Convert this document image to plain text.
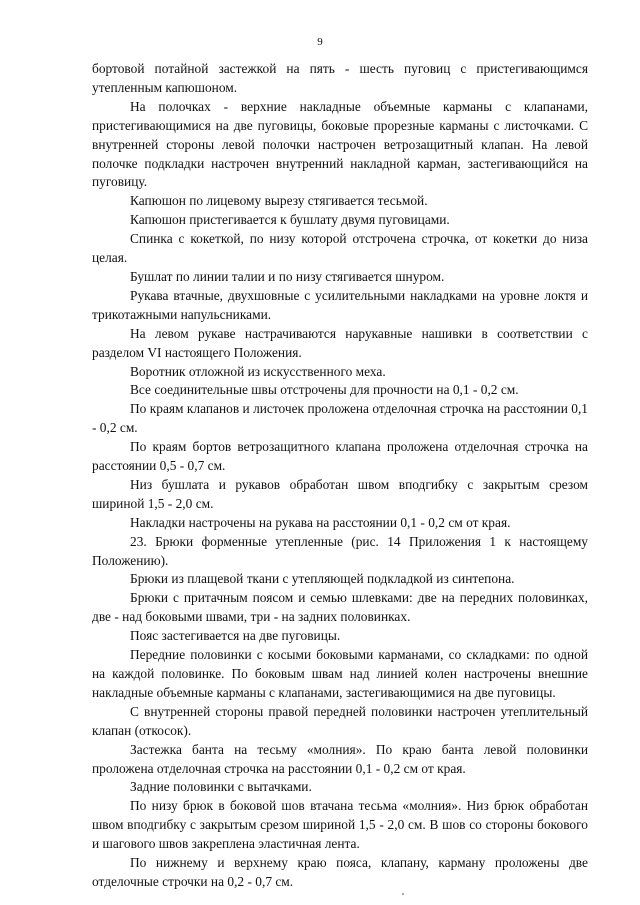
9

бортовой потайной застежкой на пять - шесть пуговиц с пристегивающимся утепленным капюшоном.

На полочках - верхние накладные объемные карманы с клапанами, пристегивающимися на две пуговицы, боковые прорезные карманы с листочками. С внутренней стороны левой полочки настрочен ветрозащитный клапан. На левой полочке подкладки настрочен внутренний накладной карман, застегивающийся на пуговицу.

Капюшон по лицевому вырезу стягивается тесьмой.

Капюшон пристегивается к бушлату двумя пуговицами.

Спинка с кокеткой, по низу которой отстрочена строчка, от кокетки до низа целая.

Бушлат по линии талии и по низу стягивается шнуром.

Рукава втачные, двухшовные с усилительными накладками на уровне локтя и трикотажными напульсниками.

На левом рукаве настрачиваются нарукавные нашивки в соответствии с разделом VI настоящего Положения.

Воротник отложной из искусственного меха.

Все соединительные швы отстрочены для прочности на 0,1 - 0,2 см.

По краям клапанов и листочек проложена отделочная строчка на расстоянии 0,1 - 0,2 см.

По краям бортов ветрозащитного клапана проложена отделочная строчка на расстоянии 0,5 - 0,7 см.

Низ бушлата и рукавов обработан швом вподгибку с закрытым срезом шириной 1,5 - 2,0 см.

Накладки настрочены на рукава на расстоянии 0,1 - 0,2 см от края.

23. Брюки форменные утепленные (рис. 14 Приложения 1 к настоящему Положению).

Брюки из плащевой ткани с утепляющей подкладкой из синтепона.

Брюки с притачным поясом и семью шлевками: две на передних половинках, две - над боковыми швами, три - на задних половинках.

Пояс застегивается на две пуговицы.

Передние половинки с косыми боковыми карманами, со складками: по одной на каждой половинке. По боковым швам над линией колен настрочены внешние накладные объемные карманы с клапанами, застегивающимися на две пуговицы.

С внутренней стороны правой передней половинки настрочен утеплительный клапан (откосок).

Застежка банта на тесьму «молния». По краю банта левой половинки проложена отделочная строчка на расстоянии 0,1 - 0,2 см от края.

Задние половинки с вытачками.

По низу брюк в боковой шов втачана тесьма «молния». Низ брюк обработан швом вподгибку с закрытым срезом шириной 1,5 - 2,0 см. В шов со стороны бокового и шагового швов закреплена эластичная лента.

По нижнему и верхнему краю пояса, клапану, карману проложены две отделочные строчки на 0,2 - 0,7 см.
